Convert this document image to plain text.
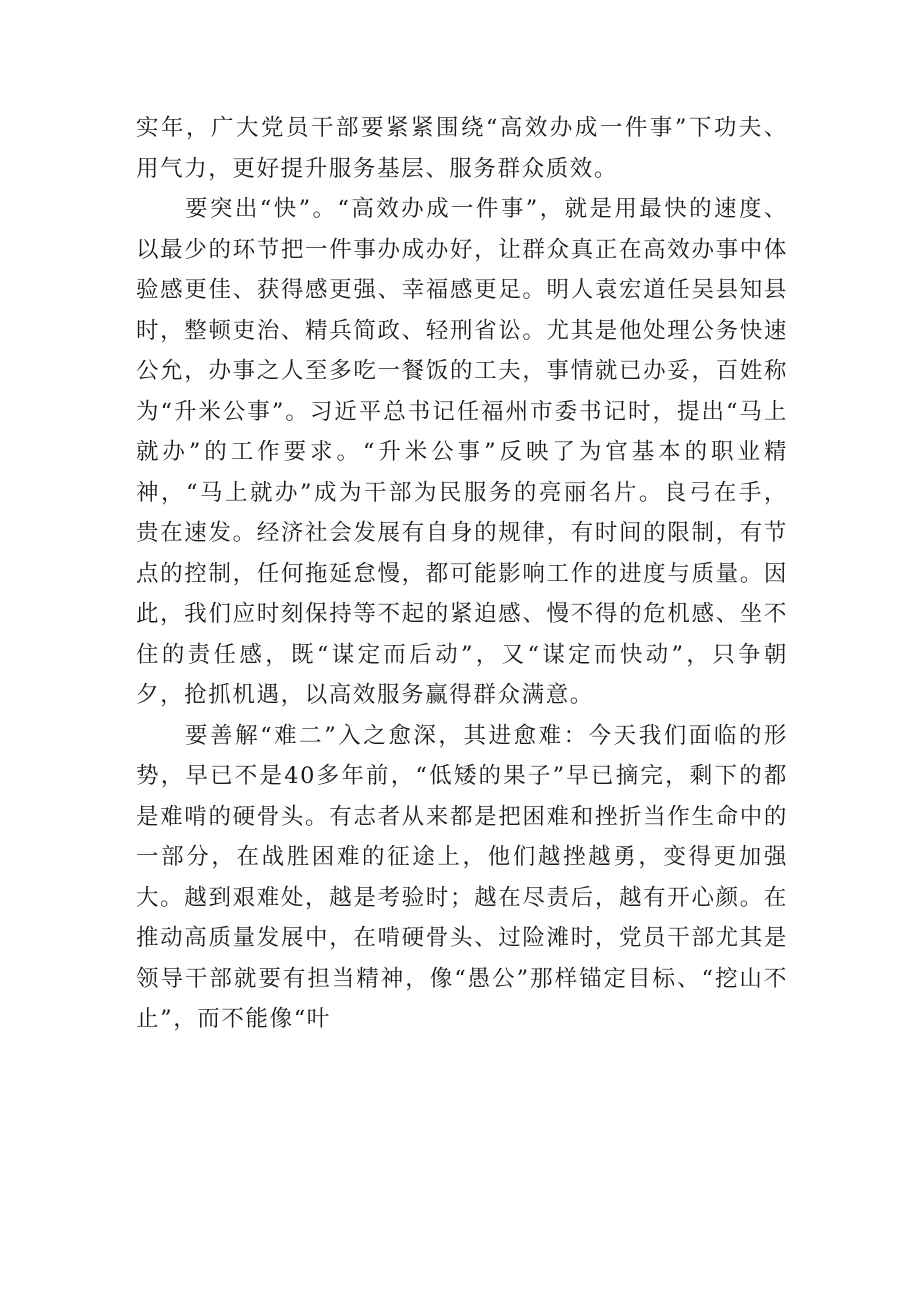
实年，广大党员干部要紧紧围绕“高效办成一件事”下功夫、用气力，更好提升服务基层、服务群众质效。

要突出“快”。“高效办成一件事”，就是用最快的速度、以最少的环节把一件事办成办好，让群众真正在高效办事中体验感更佳、获得感更强、幸福感更足。明人袁宏道任吴县知县时，整顿吏治、精兵简政、轻刑省讼。尤其是他处理公务快速公允，办事之人至多吃一餐饭的工夫，事情就已办妥，百姓称为“升米公事”。习近平总书记任福州市委书记时，提出“马上就办”的工作要求。“升米公事”反映了为官基本的职业精神，“马上就办”成为干部为民服务的亮丽名片。良弓在手，贵在速发。经济社会发展有自身的规律，有时间的限制，有节点的控制，任何拖延怠慢，都可能影响工作的进度与质量。因此，我们应时刻保持等不起的紧迫感、慢不得的危机感、坐不住的责任感，既“谋定而后动”，又“谋定而快动”，只争朝夕，抢抓机遇，以高效服务赢得群众满意。

要善解“难二”入之愈深，其进愈难：今天我们面临的形势，早已不是40多年前，“低矮的果子”早已摘完，剩下的都是难啃的硬骨头。有志者从来都是把困难和挫折当作生命中的一部分，在战胜困难的征途上，他们越挫越勇，变得更加强大。越到艰难处，越是考验时；越在尽责后，越有开心颜。在推动高质量发展中，在啃硬骨头、过险滩时，党员干部尤其是领导干部就要有担当精神，像“愚公”那样锚定目标、“挖山不止”，而不能像“叶
